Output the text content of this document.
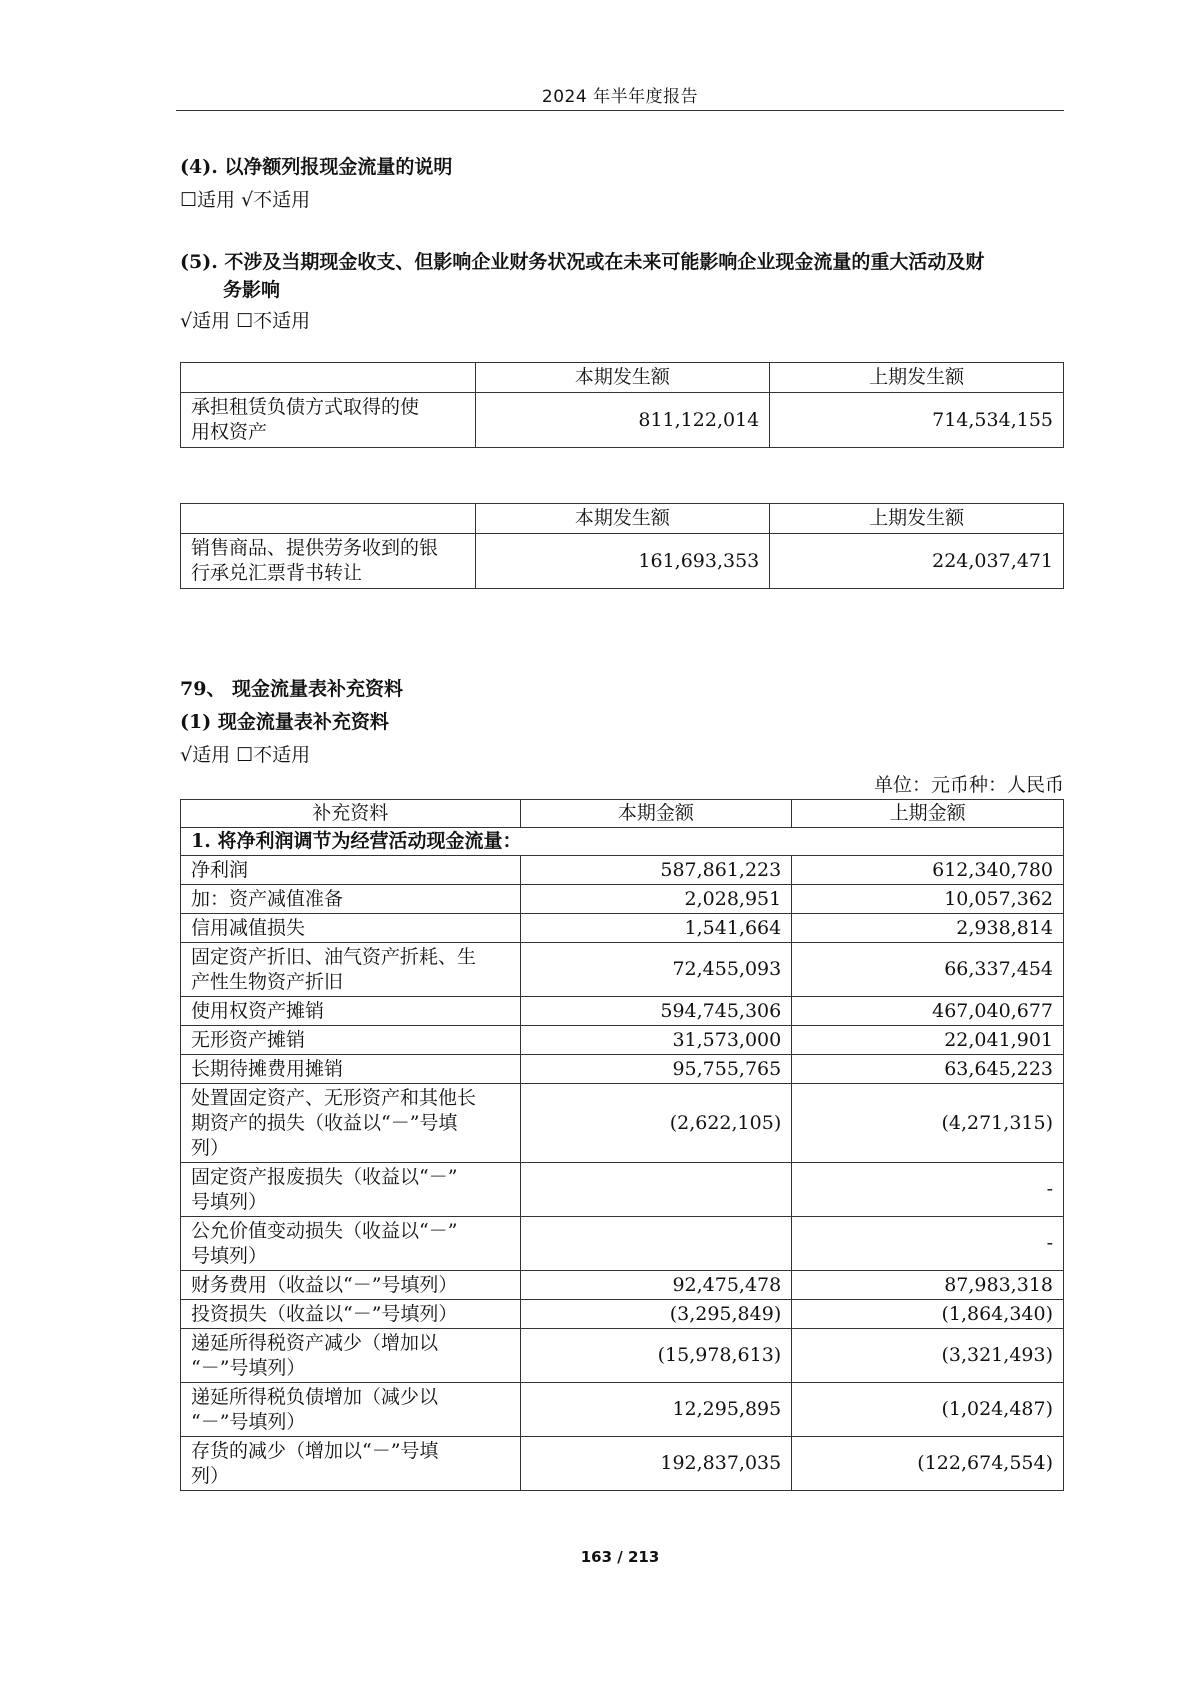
2024 年半年度报告
(4). 以净额列报现金流量的说明
☐适用 √不适用
(5). 不涉及当期现金收支、但影响企业财务状况或在未来可能影响企业现金流量的重大活动及财
务影响
√适用 ☐不适用
	本期发生额	上期发生额

承担租赁负债方式取得的使
用权资产	811,122,014	714,534,155
	本期发生额	上期发生额

销售商品、提供劳务收到的银
行承兑汇票背书转让	161,693,353	224,037,471
79、 现金流量表补充资料
(1) 现金流量表补充资料
√适用 ☐不适用
单位：元币种：人民币
补充资料	本期金额	上期金额
1. 将净利润调节为经营活动现金流量：		

净利润	587,861,223	612,340,780

加：资产减值准备	2,028,951	10,057,362

信用减值损失	1,541,664	2,938,814

固定资产折旧、油气资产折耗、生
产性生物资产折旧	72,455,093	66,337,454

使用权资产摊销	594,745,306	467,040,677

无形资产摊销	31,573,000	22,041,901

长期待摊费用摊销	95,755,765	63,645,223

处置固定资产、无形资产和其他长
期资产的损失（收益以“－”号填
列）	(2,622,105)	(4,271,315)

固定资产报废损失（收益以“－”
号填列）		-

公允价值变动损失（收益以“－”
号填列）		-

财务费用（收益以“－”号填列）	92,475,478	87,983,318

投资损失（收益以“－”号填列）	(3,295,849)	(1,864,340)

递延所得税资产减少（增加以
“－”号填列）	(15,978,613)	(3,321,493)

递延所得税负债增加（减少以
“－”号填列）	12,295,895	(1,024,487)

存货的减少（增加以“－”号填
列）	192,837,035	(122,674,554)
163 / 213
